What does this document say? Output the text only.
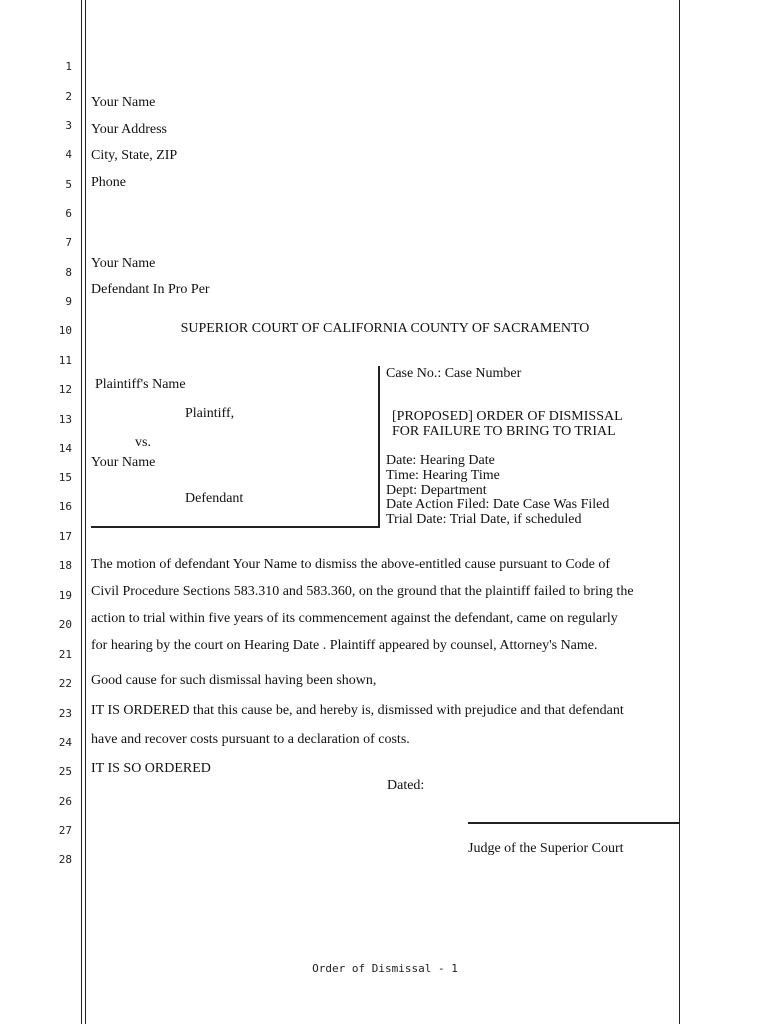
1
2
3
4
5
6
7
8
9
10
11
12
13
14
15
16
17
18
19
20
21
22
23
24
25
26
27
28
Your Name
Your Address
City, State, ZIP
Phone
Your Name
Defendant In Pro Per
SUPERIOR COURT OF CALIFORNIA COUNTY OF SACRAMENTO
Plaintiff's Name
Plaintiff,
vs.
Your Name
Defendant
Case No.: Case Number
[PROPOSED] ORDER OF DISMISSAL
FOR FAILURE TO BRING TO TRIAL
Date: Hearing Date
Time: Hearing Time
Dept: Department
Date Action Filed: Date Case Was Filed
Trial Date: Trial Date, if scheduled
The motion of defendant Your Name to dismiss the above-entitled cause pursuant to Code of
Civil Procedure Sections 583.310 and 583.360, on the ground that the plaintiff failed to bring the
action to trial within five years of its commencement against the defendant, came on regularly
for hearing by the court on Hearing Date . Plaintiff appeared by counsel, Attorney's Name.
Good cause for such dismissal having been shown,
IT IS ORDERED that this cause be, and hereby is, dismissed with prejudice and that defendant
have and recover costs pursuant to a declaration of costs.
IT IS SO ORDERED
Dated:
Judge of the Superior Court
Order of Dismissal - 1
